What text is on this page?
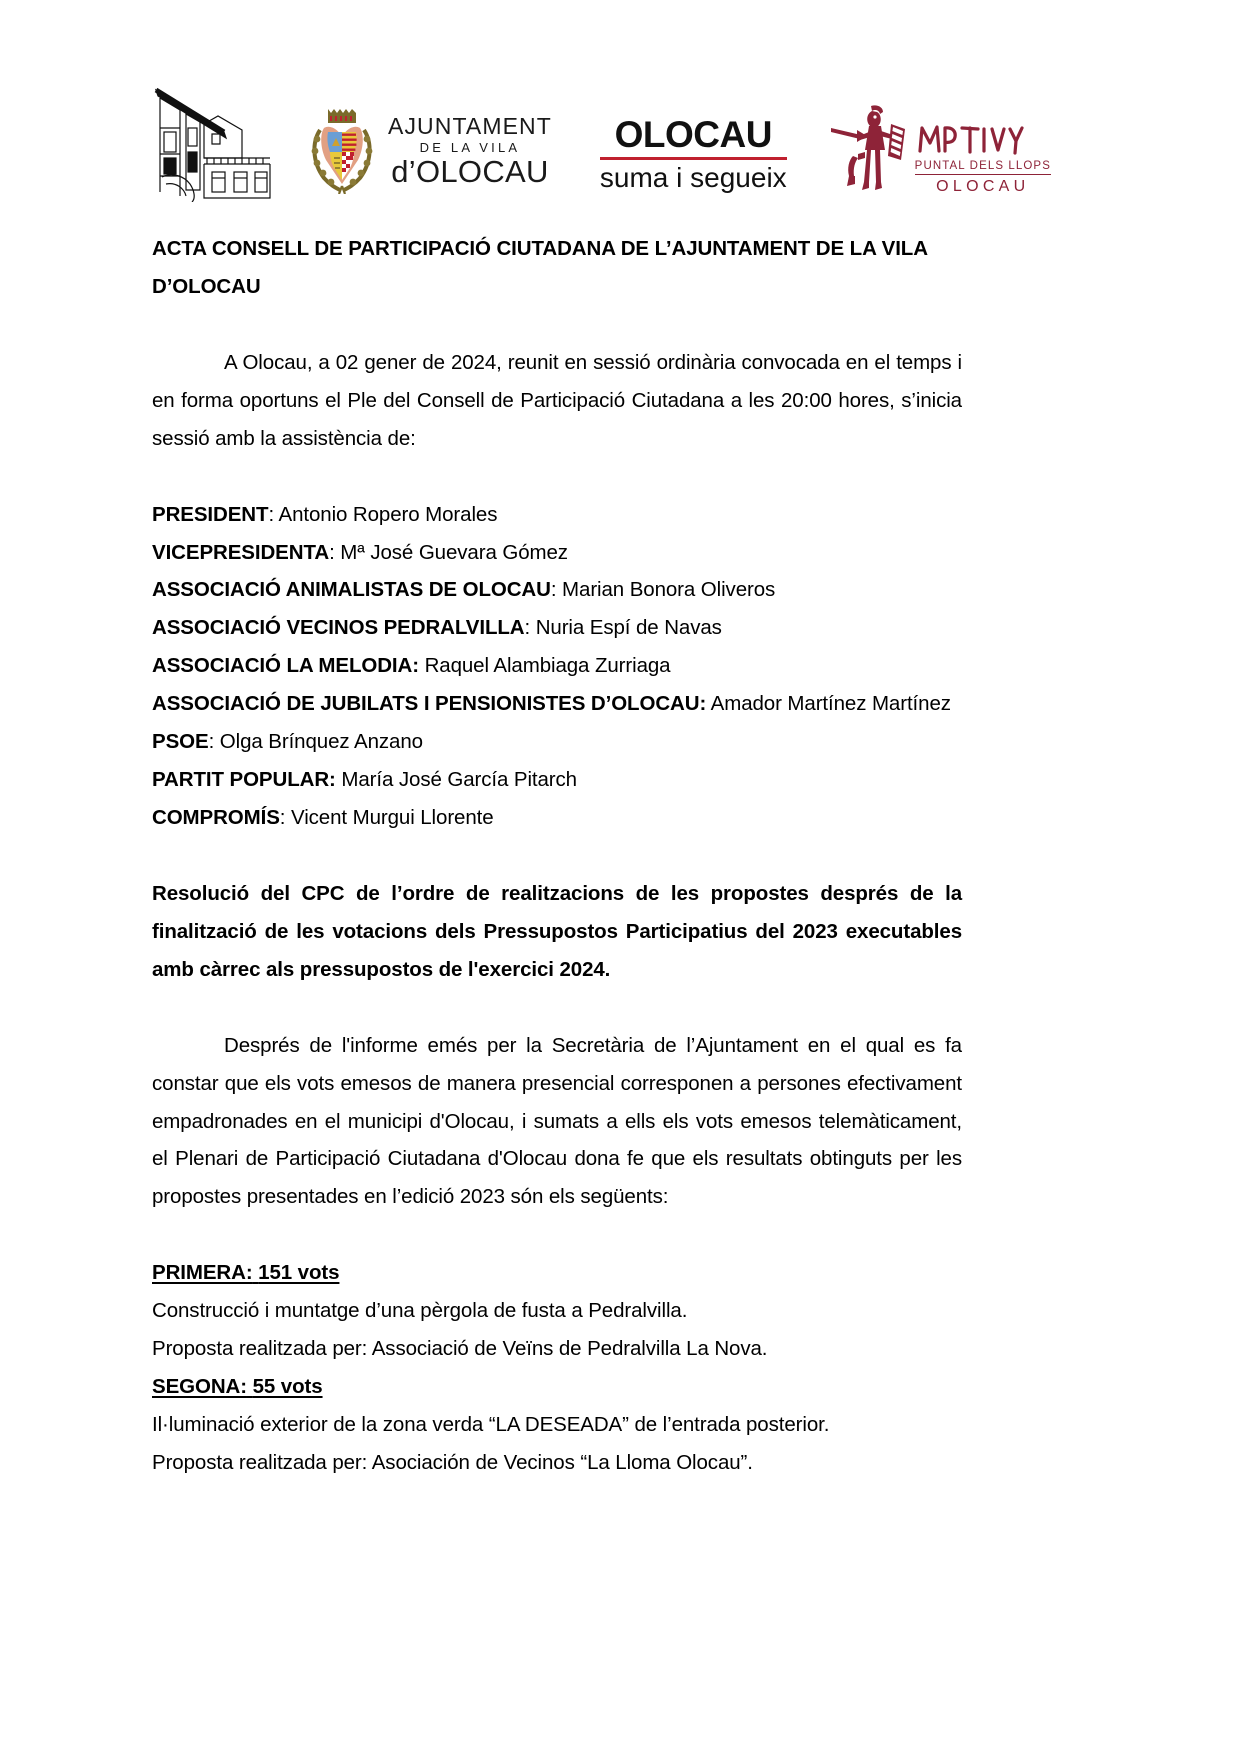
AJUNTAMENT
DE LA VILA
d’OLOCAU
OLOCAU
suma i segueix	PUNTAL DELS LLOPS
OLOCAU
ACTA CONSELL DE PARTICIPACIÓ CIUTADANA DE L’AJUNTAMENT DE LA VILA D’OLOCAU

A Olocau, a 02 gener de 2024, reunit en sessió ordinària convocada en el temps i en forma oportuns el Ple del Consell de Participació Ciutadana a les 20:00 hores, s’inicia sessió amb la assistència de:

PRESIDENT: Antonio Ropero Morales

VICEPRESIDENTA: Mª José Guevara Gómez

ASSOCIACIÓ ANIMALISTAS DE OLOCAU: Marian Bonora Oliveros

ASSOCIACIÓ VECINOS PEDRALVILLA: Nuria Espí de Navas

ASSOCIACIÓ LA MELODIA: Raquel Alambiaga Zurriaga

ASSOCIACIÓ DE JUBILATS I PENSIONISTES D’OLOCAU: Amador Martínez Martínez

PSOE: Olga Brínquez Anzano

PARTIT POPULAR: María José García Pitarch

COMPROMÍS: Vicent Murgui Llorente

Resolució del CPC de l’ordre de realitzacions de les propostes després de la finalització de les votacions dels Pressupostos Participatius del 2023 executables amb càrrec als pressupostos de l'exercici 2024.

Després de l'informe emés per la Secretària de l’Ajuntament en el qual es fa constar que els vots emesos de manera presencial corresponen a persones efectivament empadronades en el municipi d'Olocau, i sumats a ells els vots emesos telemàticament, el Plenari de Participació Ciutadana d'Olocau dona fe que els resultats obtinguts per les propostes presentades en l’edició 2023 són els següents:

PRIMERA: 151 vots

Construcció i muntatge d’una pèrgola de fusta a Pedralvilla.

Proposta realitzada per: Associació de Veïns de Pedralvilla La Nova.

SEGONA: 55 vots

Il·luminació exterior de la zona verda “LA DESEADA” de l’entrada posterior.

Proposta realitzada per: Asociación de Vecinos “La Lloma Olocau”.
